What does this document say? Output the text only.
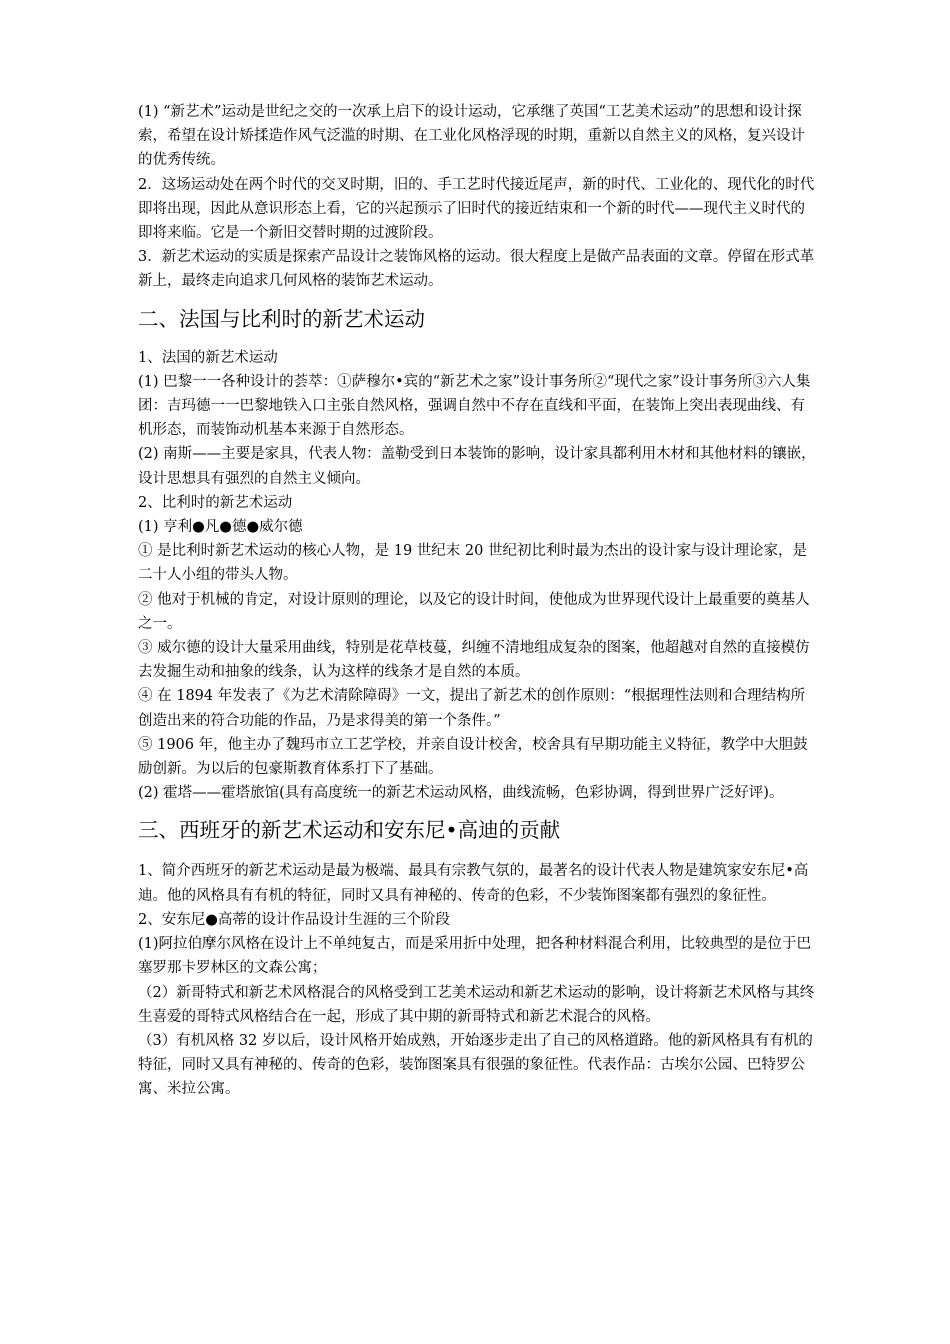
(1) “新艺术”运动是世纪之交的一次承上启下的设计运动，它承继了英国“工艺美术运动”的思想和设计探索，希望在设计矫揉造作风气泛滥的时期、在工业化风格浮现的时期，重新以自然主义的风格，复兴设计的优秀传统。

2．这场运动处在两个时代的交叉时期，旧的、手工艺时代接近尾声，新的时代、工业化的、现代化的时代即将出现，因此从意识形态上看，它的兴起预示了旧时代的接近结束和一个新的时代——现代主义时代的即将来临。它是一个新旧交替时期的过渡阶段。

3．新艺术运动的实质是探索产品设计之装饰风格的运动。很大程度上是做产品表面的文章。停留在形式革新上，最终走向追求几何风格的装饰艺术运动。

二、法国与比利时的新艺术运动

1、法国的新艺术运动

(1) 巴黎一一各种设计的荟萃：①萨穆尔•宾的“新艺术之家”设计事务所②“现代之家”设计事务所③六人集团：吉玛德一一巴黎地铁入口主张自然风格，强调自然中不存在直线和平面，在装饰上突出表现曲线、有机形态，而装饰动机基本来源于自然形态。

(2) 南斯——主要是家具，代表人物：盖勒受到日本装饰的影响，设计家具都利用木材和其他材料的镶嵌，设计思想具有强烈的自然主义倾向。

2、比利时的新艺术运动

(1) 亨利●凡●德●威尔德

① 是比利时新艺术运动的核心人物，是 19 世纪末 20 世纪初比利时最为杰出的设计家与设计理论家，是二十人小组的带头人物。

② 他对于机械的肯定，对设计原则的理论，以及它的设计时间，使他成为世界现代设计上最重要的奠基人之一。

③ 威尔德的设计大量采用曲线，特别是花草枝蔓，纠缠不清地组成复杂的图案，他超越对自然的直接模仿去发掘生动和抽象的线条，认为这样的线条才是自然的本质。

④ 在 1894 年发表了《为艺术清除障碍》一文，提出了新艺术的创作原则：“根据理性法则和合理结构所创造出来的符合功能的作品，乃是求得美的第一个条件。”

⑤ 1906 年，他主办了魏玛市立工艺学校，并亲自设计校舍，校舍具有早期功能主义特征，教学中大胆鼓励创新。为以后的包豪斯教育体系打下了基础。

(2) 霍塔——霍塔旅馆(具有高度统一的新艺术运动风格，曲线流畅，色彩协调，得到世界广泛好评)。

三、西班牙的新艺术运动和安东尼•高迪的贡献

1、简介西班牙的新艺术运动是最为极端、最具有宗教气氛的，最著名的设计代表人物是建筑家安东尼•高迪。他的风格具有有机的特征，同时又具有神秘的、传奇的色彩，不少装饰图案都有强烈的象征性。

2、安东尼●高蒂的设计作品设计生涯的三个阶段

(1)阿拉伯摩尔风格在设计上不单纯复古，而是采用折中处理，把各种材料混合利用，比较典型的是位于巴塞罗那卡罗林区的文森公寓；

（2）新哥特式和新艺术风格混合的风格受到工艺美术运动和新艺术运动的影响，设计将新艺术风格与其终生喜爱的哥特式风格结合在一起，形成了其中期的新哥特式和新艺术混合的风格。

（3）有机风格 32 岁以后，设计风格开始成熟，开始逐步走出了自己的风格道路。他的新风格具有有机的特征，同时又具有神秘的、传奇的色彩，装饰图案具有很强的象征性。代表作品：古埃尔公园、巴特罗公寓、米拉公寓。
